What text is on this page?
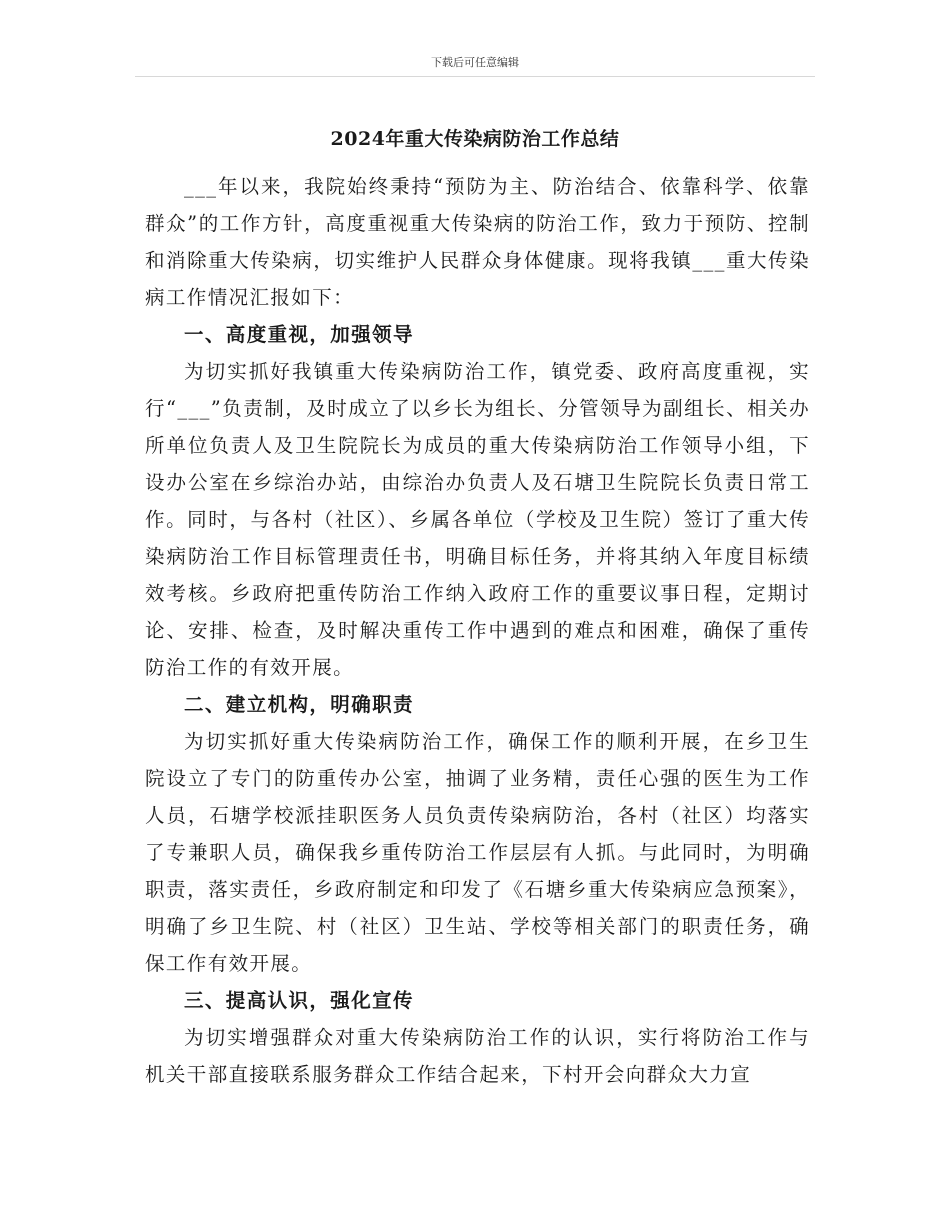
下载后可任意编辑
2024年重大传染病防治工作总结

___年以来，我院始终秉持“预防为主、防治结合、依靠科学、依靠群众”的工作方针，高度重视重大传染病的防治工作，致力于预防、控制和消除重大传染病，切实维护人民群众身体健康。现将我镇___重大传染病工作情况汇报如下：

一、高度重视，加强领导

为切实抓好我镇重大传染病防治工作，镇党委、政府高度重视，实行“___”负责制，及时成立了以乡长为组长、分管领导为副组长、相关办所单位负责人及卫生院院长为成员的重大传染病防治工作领导小组，下设办公室在乡综治办站，由综治办负责人及石塘卫生院院长负责日常工作。同时，与各村（社区）、乡属各单位（学校及卫生院）签订了重大传染病防治工作目标管理责任书，明确目标任务，并将其纳入年度目标绩效考核。乡政府把重传防治工作纳入政府工作的重要议事日程，定期讨论、安排、检查，及时解决重传工作中遇到的难点和困难，确保了重传防治工作的有效开展。

二、建立机构，明确职责

为切实抓好重大传染病防治工作，确保工作的顺利开展，在乡卫生院设立了专门的防重传办公室，抽调了业务精，责任心强的医生为工作人员，石塘学校派挂职医务人员负责传染病防治，各村（社区）均落实了专兼职人员，确保我乡重传防治工作层层有人抓。与此同时，为明确职责，落实责任，乡政府制定和印发了《石塘乡重大传染病应急预案》，明确了乡卫生院、村（社区）卫生站、学校等相关部门的职责任务，确保工作有效开展。

三、提高认识，强化宣传

为切实增强群众对重大传染病防治工作的认识，实行将防治工作与机关干部直接联系服务群众工作结合起来，下村开会向群众大力宣
